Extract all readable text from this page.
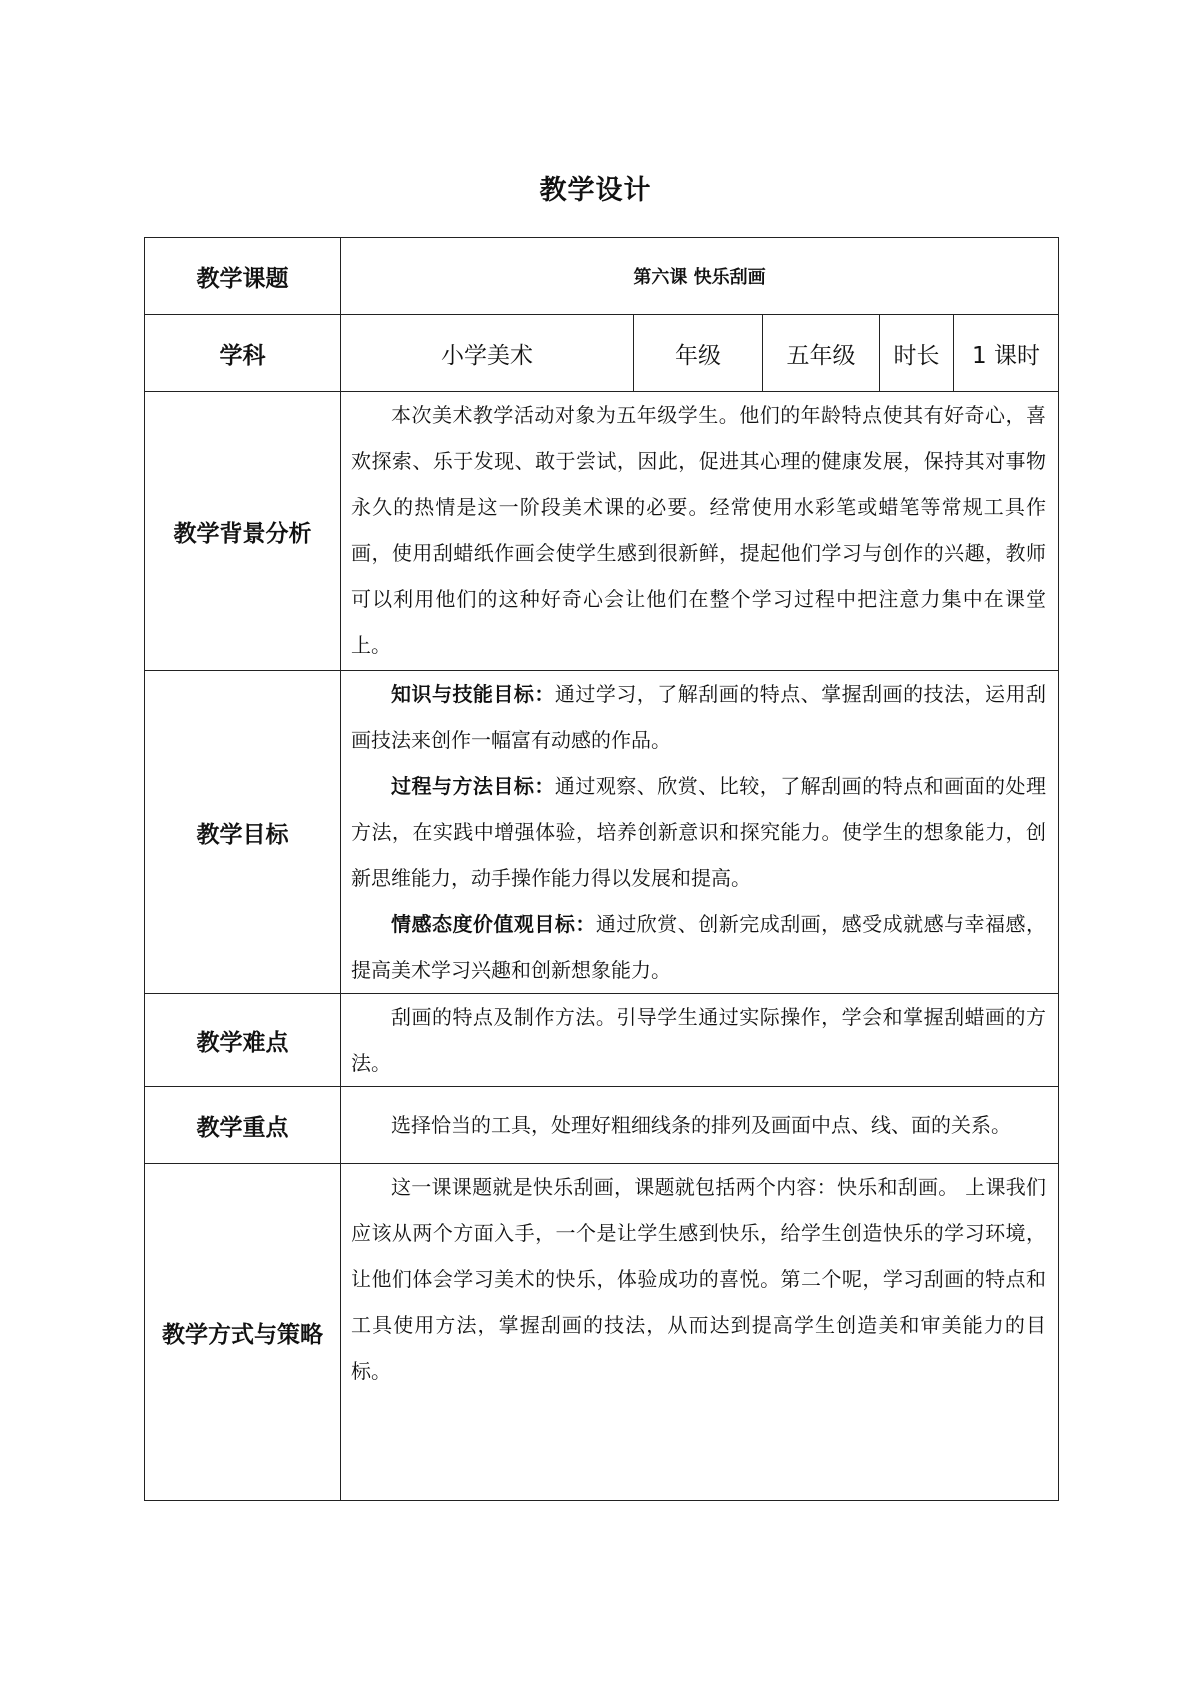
教学设计
教学课题	第六课 快乐刮画				
学科	小学美术	年级	五年级	时长	1 课时
教学背景分析	本次美术教学活动对象为五年级学生。他们的年龄特点使其有好奇心，喜欢探索、乐于发现、敢于尝试，因此，促进其心理的健康发展，保持其对事物永久的热情是这一阶段美术课的必要。经常使用水彩笔或蜡笔等常规工具作画，使用刮蜡纸作画会使学生感到很新鲜，提起他们学习与创作的兴趣，教师可以利用他们的这种好奇心会让他们在整个学习过程中把注意力集中在课堂上。				

教学目标	知识与技能目标：通过学习，了解刮画的特点、掌握刮画的技法，运用刮画技法来创作一幅富有动感的作品。

过程与方法目标：通过观察、欣赏、比较，了解刮画的特点和画面的处理方法，在实践中增强体验，培养创新意识和探究能力。使学生的想象能力，创新思维能力，动手操作能力得以发展和提高。

情感态度价值观目标：通过欣赏、创新完成刮画，感受成就感与幸福感，提高美术学习兴趣和创新想象能力。				

教学难点	刮画的特点及制作方法。引导学生通过实际操作，学会和掌握刮蜡画的方法。				

教学重点	选择恰当的工具，处理好粗细线条的排列及画面中点、线、面的关系。				

教学方式与策略	这一课课题就是快乐刮画，课题就包括两个内容：快乐和刮画。 上课我们应该从两个方面入手，一个是让学生感到快乐，给学生创造快乐的学习环境，让他们体会学习美术的快乐，体验成功的喜悦。第二个呢，学习刮画的特点和工具使用方法，掌握刮画的技法，从而达到提高学生创造美和审美能力的目标。				
